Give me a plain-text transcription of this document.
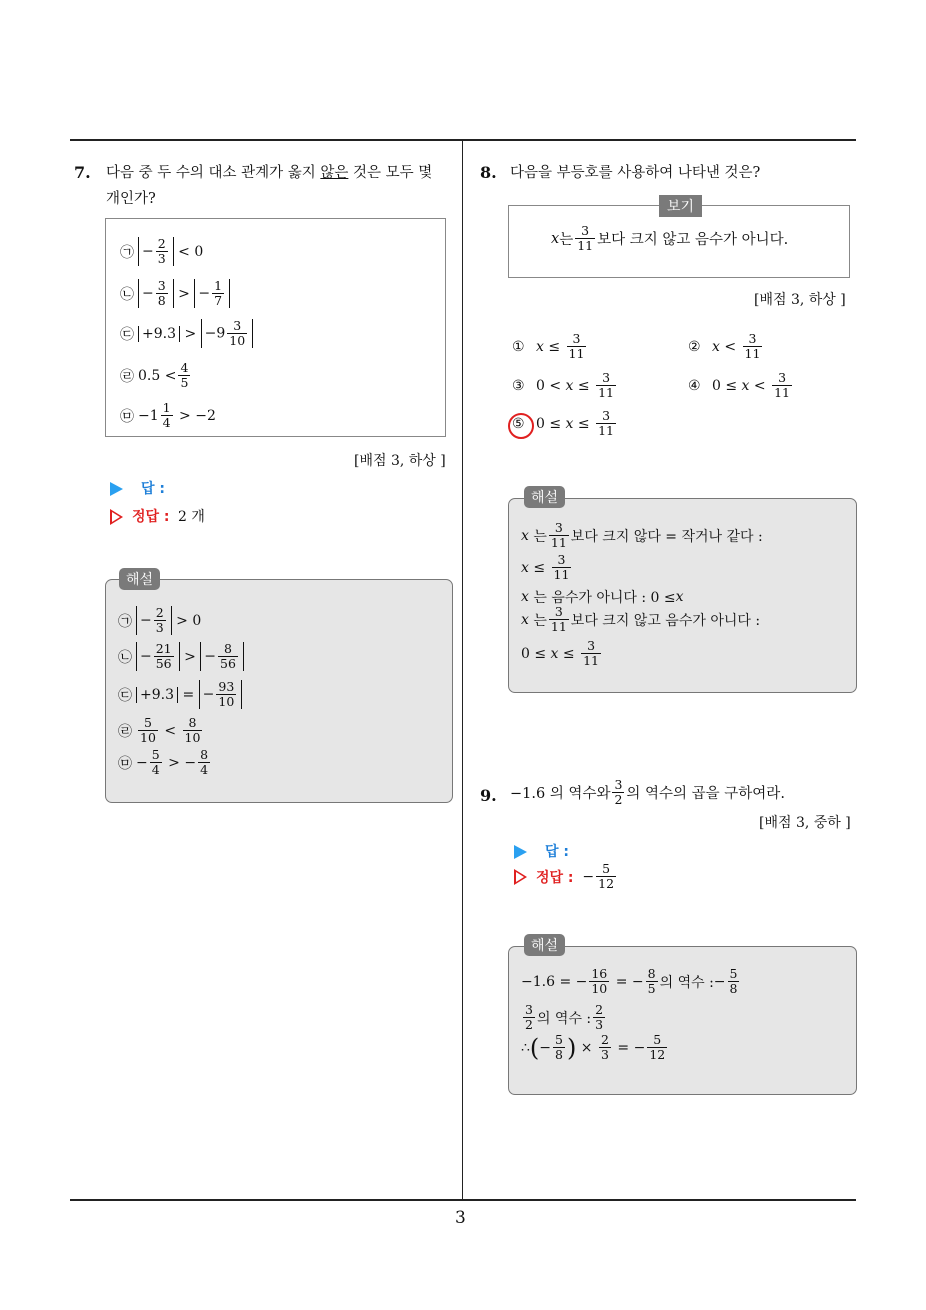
3
7. 다음 중 두 수의 대소 관계가 옳지 않은 것은 모두 몇
개인가?
㉠ − $\frac{2}{3} < 0$
㉡ − $\frac{3}{8}$ > − $\frac{1}{7}$
㉢ $+9.3 > -9 \frac{3}{10}$
㉣ $0.5 < \frac{4}{5}$
㉤ $-1 \frac{1}{4} > -2$
[배점 3, 하상 ]
답 :
정답 : 2 개
㉠ − $\frac{2}{3} > 0$
㉡ − $\frac{21}{56}$ > − $\frac{8}{56}$
㉢ +9.3 = − $\frac{93}{10}$
㉣ $\frac{5}{10} < \frac{8}{10}$
㉤ − $\frac{5}{4}$ > − $\frac{8}{4}$
해설
8. 다음을 부등호를 사용하여 나타낸 것은?
x 는 $\frac{3}{11}$ 보다 크지 않고 음수가 아니다.
보기
[배점 3, 하상 ]
① $x \le \frac{3}{11}$	② $x < \frac{3}{11}$
③ $0 < x \le \frac{3}{11}$	④ $0 \le x < \frac{3}{11}$
⑤ $0 \le x \le \frac{3}{11}$
x
는 $\frac{3}{11}$ 보다 크지 않다 = 작거나 같다 :
$x \le \frac{3}{11}$
x
는 음수가 아니다 : 0 ≤ x
x
는 $\frac{3}{11}$ 보다 크지 않고 음수가 아니다 :
$0 \le x \le \frac{3}{11}$
해설
9. −1.6 의 역수와 $\frac{3}{2}$ 의 역수의 곱을 구하여라.
[배점 3, 중하 ]
답 :
정답 : − $\frac{5}{12}$
−1.6 = − $\frac{16}{10}$ = − $\frac{8}{5}$ 의 역수 : − $\frac{5}{8}$
$\frac{3}{2}$ 의 역수 : $\frac{2}{3}$
∴ ( − $\frac{5}{8}$ ) × $\frac{2}{3}$ = − $\frac{5}{12}$
해설
